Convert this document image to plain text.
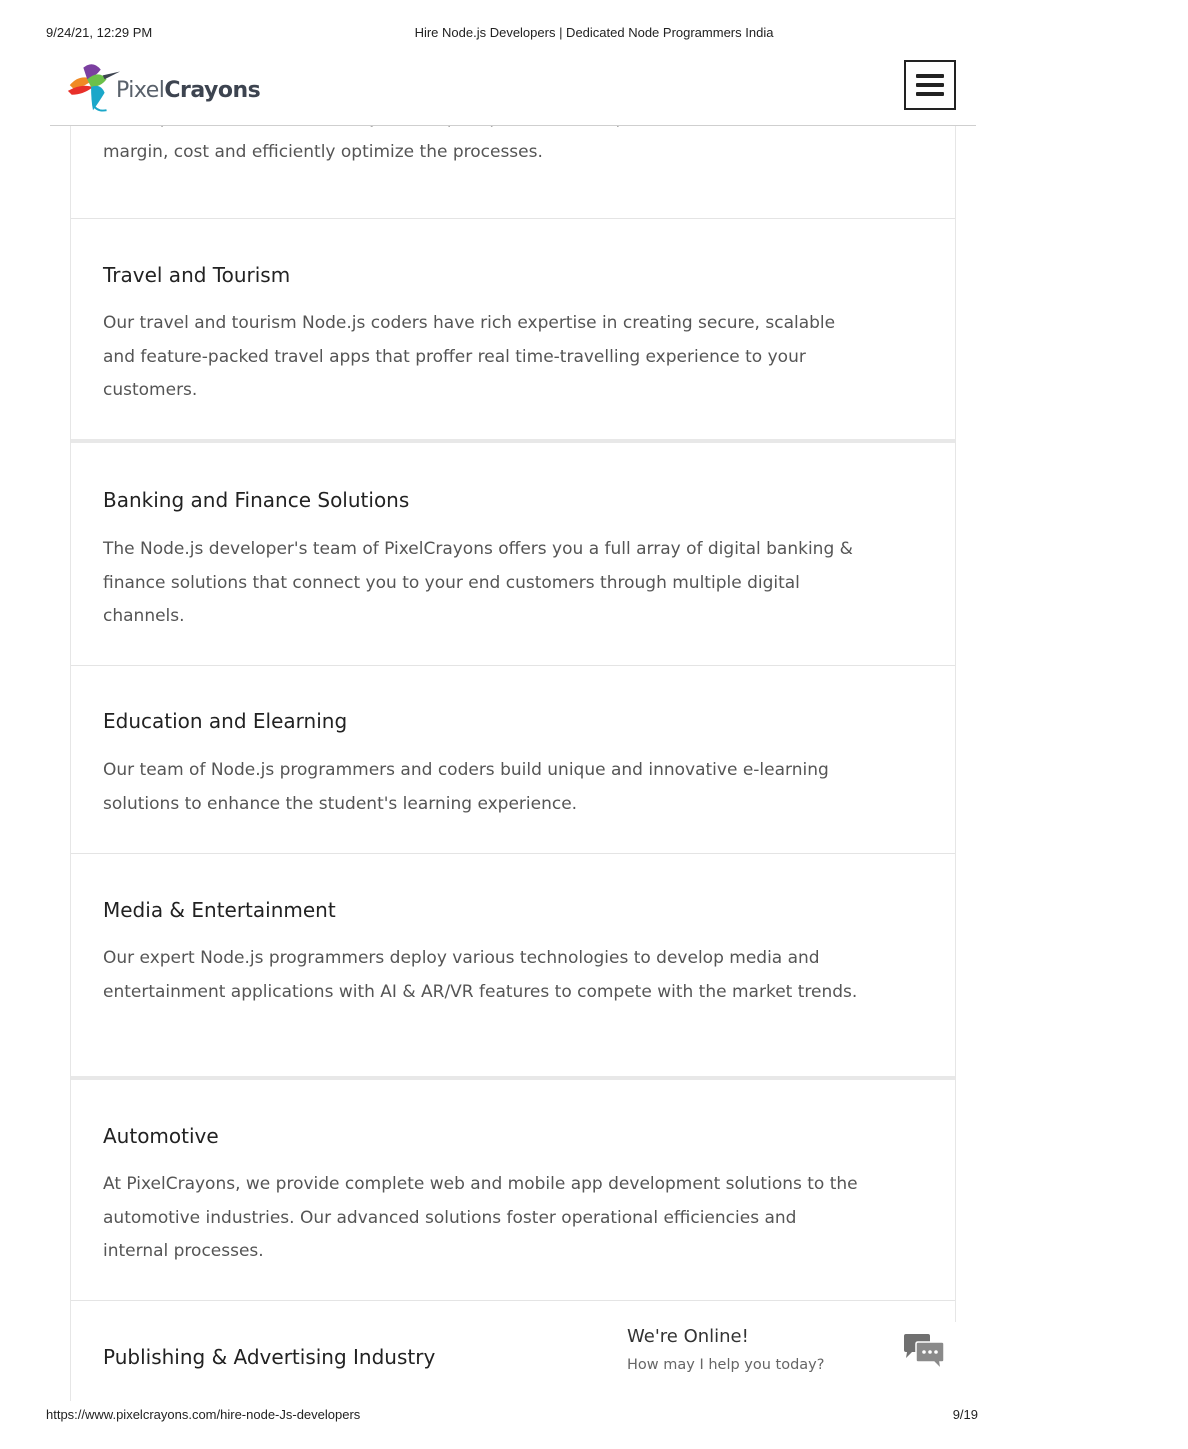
9/24/21, 12:29 PM	Hire Node.js Developers | Dedicated Node Programmers India
PixelCrayons

margin, cost and efficiently optimize the processes.

Travel and Tourism

Our travel and tourism Node.js coders have rich expertise in creating secure, scalable and feature-packed travel apps that proffer real time-travelling experience to your customers.

Banking and Finance Solutions

The Node.js developer's team of PixelCrayons offers you a full array of digital banking & finance solutions that connect you to your end customers through multiple digital channels.

Education and Elearning

Our team of Node.js programmers and coders build unique and innovative e-learning solutions to enhance the student's learning experience.

Media & Entertainment

Our expert Node.js programmers deploy various technologies to develop media and entertainment applications with AI & AR/VR features to compete with the market trends.

Automotive

At PixelCrayons, we provide complete web and mobile app development solutions to the automotive industries. Our advanced solutions foster operational efficiencies and internal processes.

Publishing & Advertising Industry
We're Online!
How may I help you today?
https://www.pixelcrayons.com/hire-node-Js-developers	9/19
